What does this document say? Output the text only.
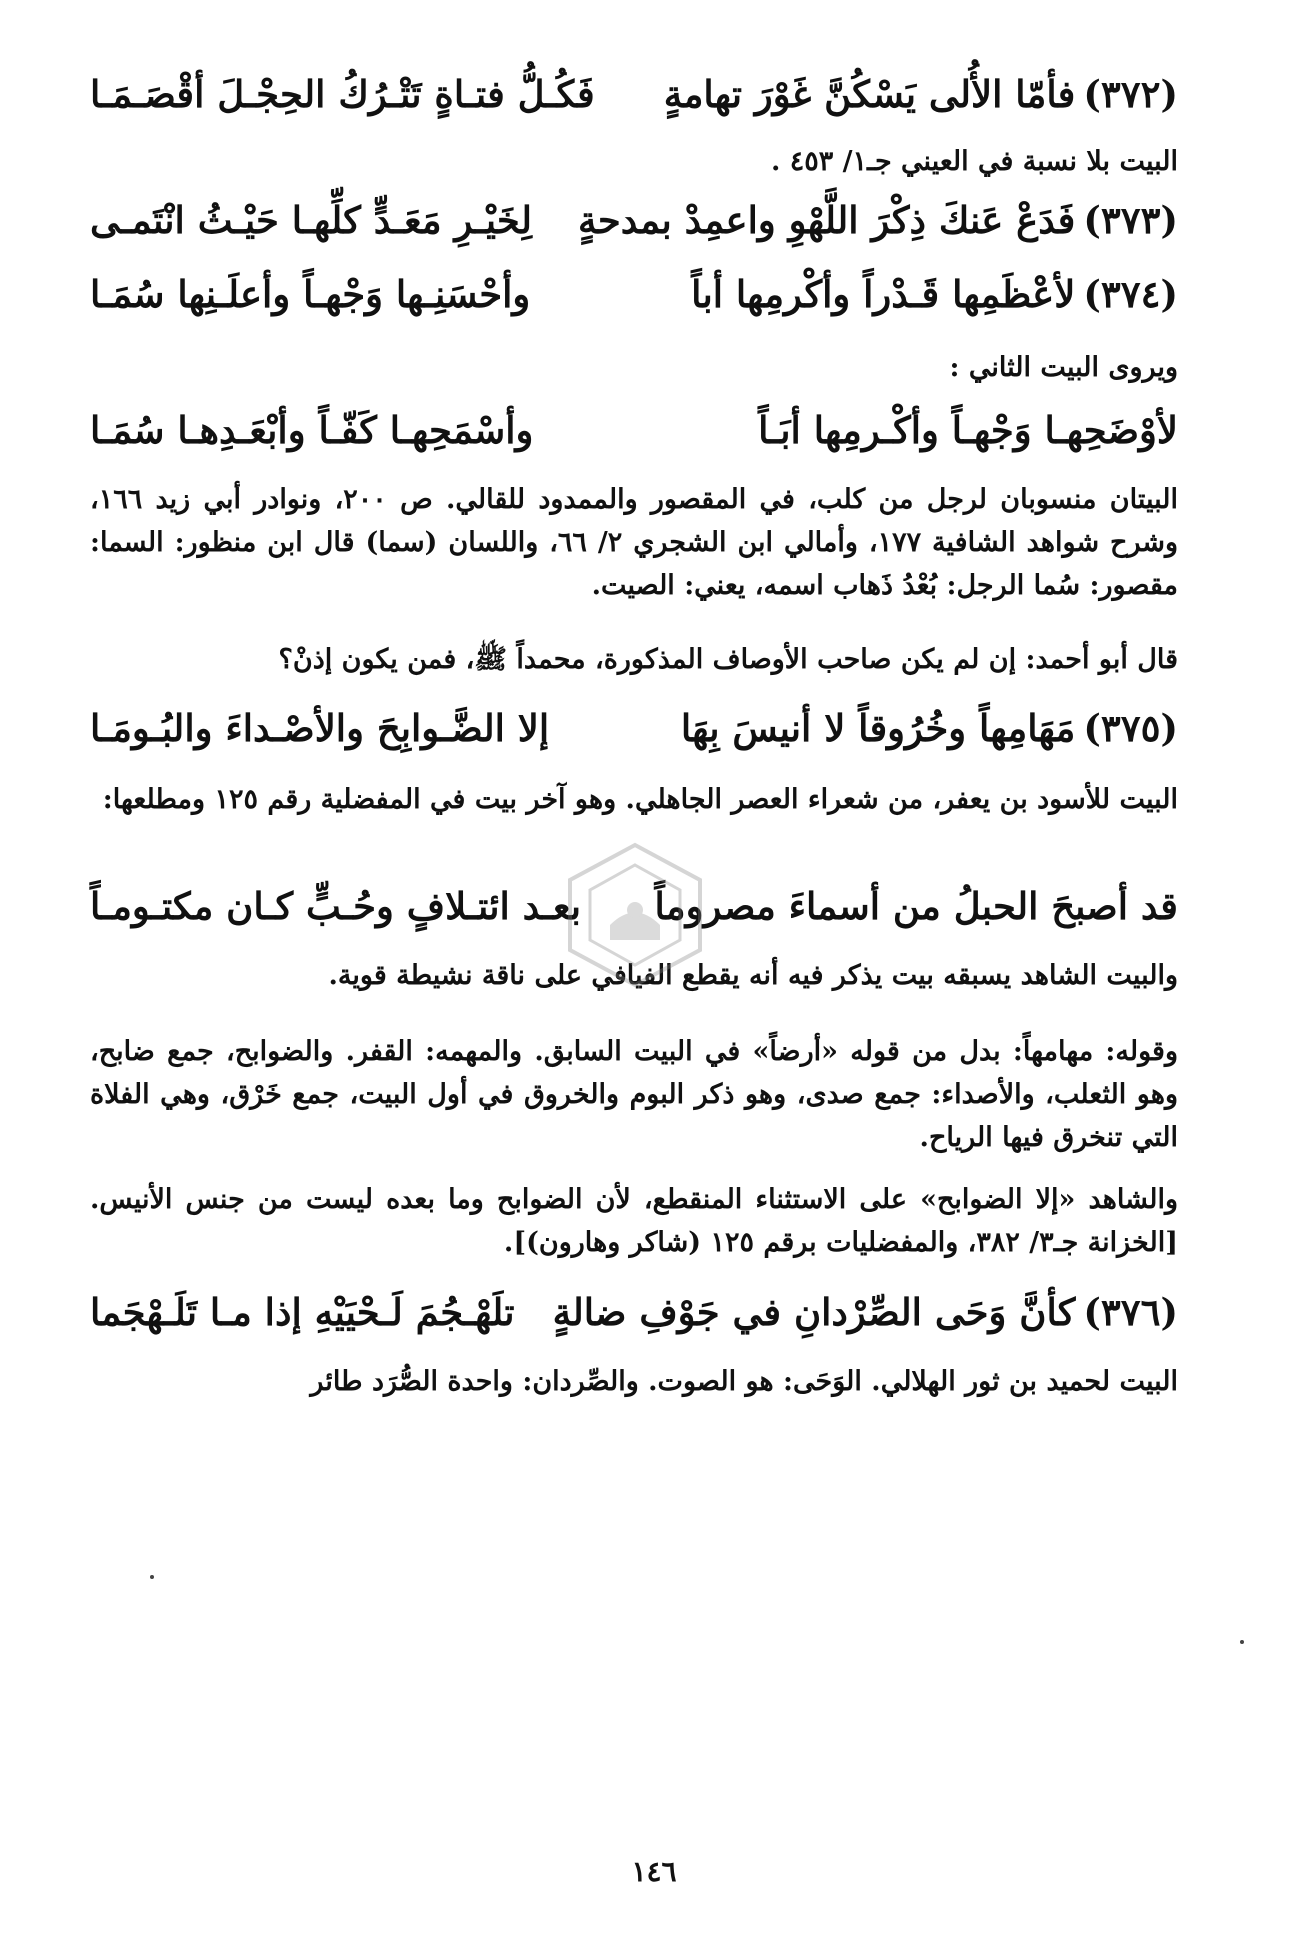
(٣٧٢)فأمّا الأُلى يَسْكُنَّ غَوْرَ تهامةٍ
فَكُـلُّ فتـاةٍ تَتْـرُكُ الحِجْـلَ أقْصَـمَـا
البيت بلا نسبة في العيني جـ١/ ٤٥٣ .
(٣٧٣)فَدَعْ عَنكَ ذِكْرَ اللَّهْوِ واعمِدْ بمدحةٍ
لِخَيْـرِ مَعَـدٍّ كلِّهـا حَيْـثُ انْتَمـى
(٣٧٤)لأعْظَمِها قَـدْراً وأكْرمِها أباً
وأحْسَنِـها وَجْهـاً وأعلَـنِها سُمَـا
ويروى البيت الثاني :
لأوْضَحِهـا وَجْهـاً وأكْـرمِها أبَـاً
وأسْمَحِهـا كَفّـاً وأبْعَـدِهـا سُمَـا
البيتان منسوبان لرجل من كلب، في المقصور والممدود للقالي. ص ٢٠٠، ونوادر أبي زيد ١٦٦، وشرح شواهد الشافية ١٧٧، وأمالي ابن الشجري ٢/ ٦٦، واللسان (سما) قال ابن منظور: السما: مقصور: سُما الرجل: بُعْدُ ذَهاب اسمه، يعني: الصيت.
قال أبو أحمد: إن لم يكن صاحب الأوصاف المذكورة، محمداً ﷺ، فمن يكون إذنْ؟
(٣٧٥)مَهَامِهاً وخُرُوقاً لا أنيسَ بِهَا
إلا الضَّـوابِحَ والأصْـداءَ والبُـومَـا
البيت للأسود بن يعفر، من شعراء العصر الجاهلي. وهو آخر بيت في المفضلية رقم ١٢٥ ومطلعها:
قد أصبحَ الحبلُ من أسماءَ مصروماً
بعـد ائتـلافٍ وحُـبٍّ كـان مكتـومـاً
والبيت الشاهد يسبقه بيت يذكر فيه أنه يقطع الفيافي على ناقة نشيطة قوية.
وقوله: مهامهاً: بدل من قوله «أرضاً» في البيت السابق. والمهمه: القفر. والضوابح، جمع ضابح، وهو الثعلب، والأصداء: جمع صدى، وهو ذكر البوم والخروق في أول البيت، جمع خَرْق، وهي الفلاة التي تنخرق فيها الرياح.
والشاهد «إلا الضوابح» على الاستثناء المنقطع، لأن الضوابح وما بعده ليست من جنس الأنيس. [الخزانة جـ٣/ ٣٨٢، والمفضليات برقم ١٢٥ (شاكر وهارون)].
(٣٧٦)كأنَّ وَحَى الصِّرْدانِ في جَوْفِ ضالةٍ
تلَهْـجُمَ لَـحْيَيْهِ إذا مـا تَلَـهْجَما
البيت لحميد بن ثور الهلالي. الوَحَى: هو الصوت. والصِّردان: واحدة الصُّرَد طائر
١٤٦
